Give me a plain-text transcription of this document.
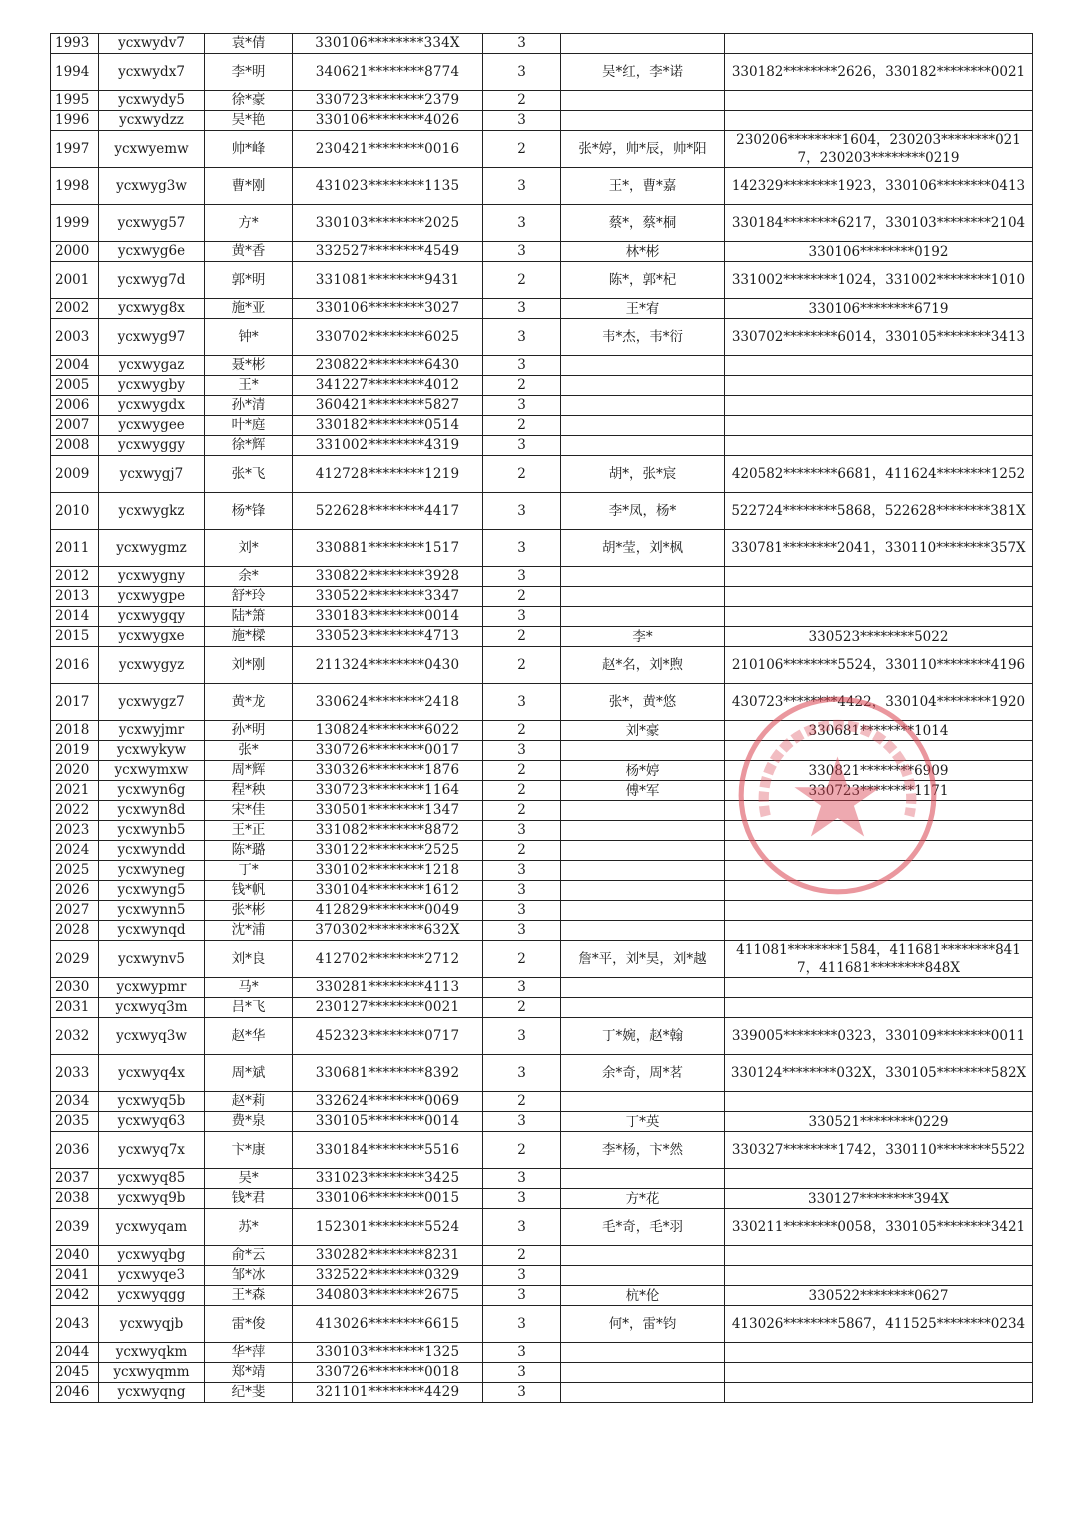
1993	ycxwydv7	袁*倩	330106********334X	3		
1994	ycxwydx7	李*明	340621********8774	3	吴*红，李*诺	330182********2626，330182********0021
1995	ycxwydy5	徐*豪	330723********2379	2		
1996	ycxwydzz	吴*艳	330106********4026	3		
1997	ycxwyemw	帅*峰	230421********0016	2	张*婷，帅*辰，帅*阳	230206********1604，230203********0217，230203********0219
1998	ycxwyg3w	曹*刚	431023********1135	3	王*，曹*嘉	142329********1923，330106********0413
1999	ycxwyg57	方*	330103********2025	3	蔡*，蔡*桐	330184********6217，330103********2104
2000	ycxwyg6e	黄*香	332527********4549	3	林*彬	330106********0192
2001	ycxwyg7d	郭*明	331081********9431	2	陈*，郭*杞	331002********1024，331002********1010
2002	ycxwyg8x	施*亚	330106********3027	3	王*宥	330106********6719
2003	ycxwyg97	钟*	330702********6025	3	韦*杰，韦*衍	330702********6014，330105********3413
2004	ycxwygaz	聂*彬	230822********6430	3		
2005	ycxwygby	王*	341227********4012	2		
2006	ycxwygdx	孙*清	360421********5827	3		
2007	ycxwygee	叶*庭	330182********0514	2		
2008	ycxwyggy	徐*辉	331002********4319	3		
2009	ycxwygj7	张*飞	412728********1219	2	胡*，张*宸	420582********6681，411624********1252
2010	ycxwygkz	杨*锋	522628********4417	3	李*凤，杨*	522724********5868，522628********381X
2011	ycxwygmz	刘*	330881********1517	3	胡*莹，刘*枫	330781********2041，330110********357X
2012	ycxwygny	余*	330822********3928	3		
2013	ycxwygpe	舒*玲	330522********3347	2		
2014	ycxwygqy	陆*箫	330183********0014	3		
2015	ycxwygxe	施*樑	330523********4713	2	李*	330523********5022
2016	ycxwygyz	刘*刚	211324********0430	2	赵*名，刘*煦	210106********5524，330110********4196
2017	ycxwygz7	黄*龙	330624********2418	3	张*，黄*悠	430723********4422，330104********1920
2018	ycxwyjmr	孙*明	130824********6022	2	刘*豪	330681********1014
2019	ycxwykyw	张*	330726********0017	3		
2020	ycxwymxw	周*辉	330326********1876	2	杨*婷	330821********6909
2021	ycxwyn6g	程*秧	330723********1164	2	傅*军	330723********1171
2022	ycxwyn8d	宋*佳	330501********1347	2		
2023	ycxwynb5	王*正	331082********8872	3		
2024	ycxwyndd	陈*璐	330122********2525	2		
2025	ycxwyneg	丁*	330102********1218	3		
2026	ycxwyng5	钱*帆	330104********1612	3		
2027	ycxwynn5	张*彬	412829********0049	3		
2028	ycxwynqd	沈*浦	370302********632X	3		
2029	ycxwynv5	刘*良	412702********2712	2	詹*平，刘*昊，刘*越	411081********1584，411681********8417，411681********848X
2030	ycxwypmr	马*	330281********4113	3		
2031	ycxwyq3m	吕*飞	230127********0021	2		
2032	ycxwyq3w	赵*华	452323********0717	3	丁*婉，赵*翰	339005********0323，330109********0011
2033	ycxwyq4x	周*斌	330681********8392	3	余*奇，周*茗	330124********032X，330105********582X
2034	ycxwyq5b	赵*莉	332624********0069	2		
2035	ycxwyq63	费*泉	330105********0014	3	丁*英	330521********0229
2036	ycxwyq7x	卞*康	330184********5516	2	李*杨，卞*然	330327********1742，330110********5522
2037	ycxwyq85	吴*	331023********3425	3		
2038	ycxwyq9b	钱*君	330106********0015	3	方*花	330127********394X
2039	ycxwyqam	苏*	152301********5524	3	毛*奇，毛*羽	330211********0058，330105********3421
2040	ycxwyqbg	俞*云	330282********8231	2		
2041	ycxwyqe3	邹*冰	332522********0329	3		
2042	ycxwyqgg	王*森	340803********2675	3	杭*伦	330522********0627
2043	ycxwyqjb	雷*俊	413026********6615	3	何*，雷*钧	413026********5867，411525********0234
2044	ycxwyqkm	华*萍	330103********1325	3		
2045	ycxwyqmm	郑*靖	330726********0018	3		
2046	ycxwyqng	纪*斐	321101********4429	3		
